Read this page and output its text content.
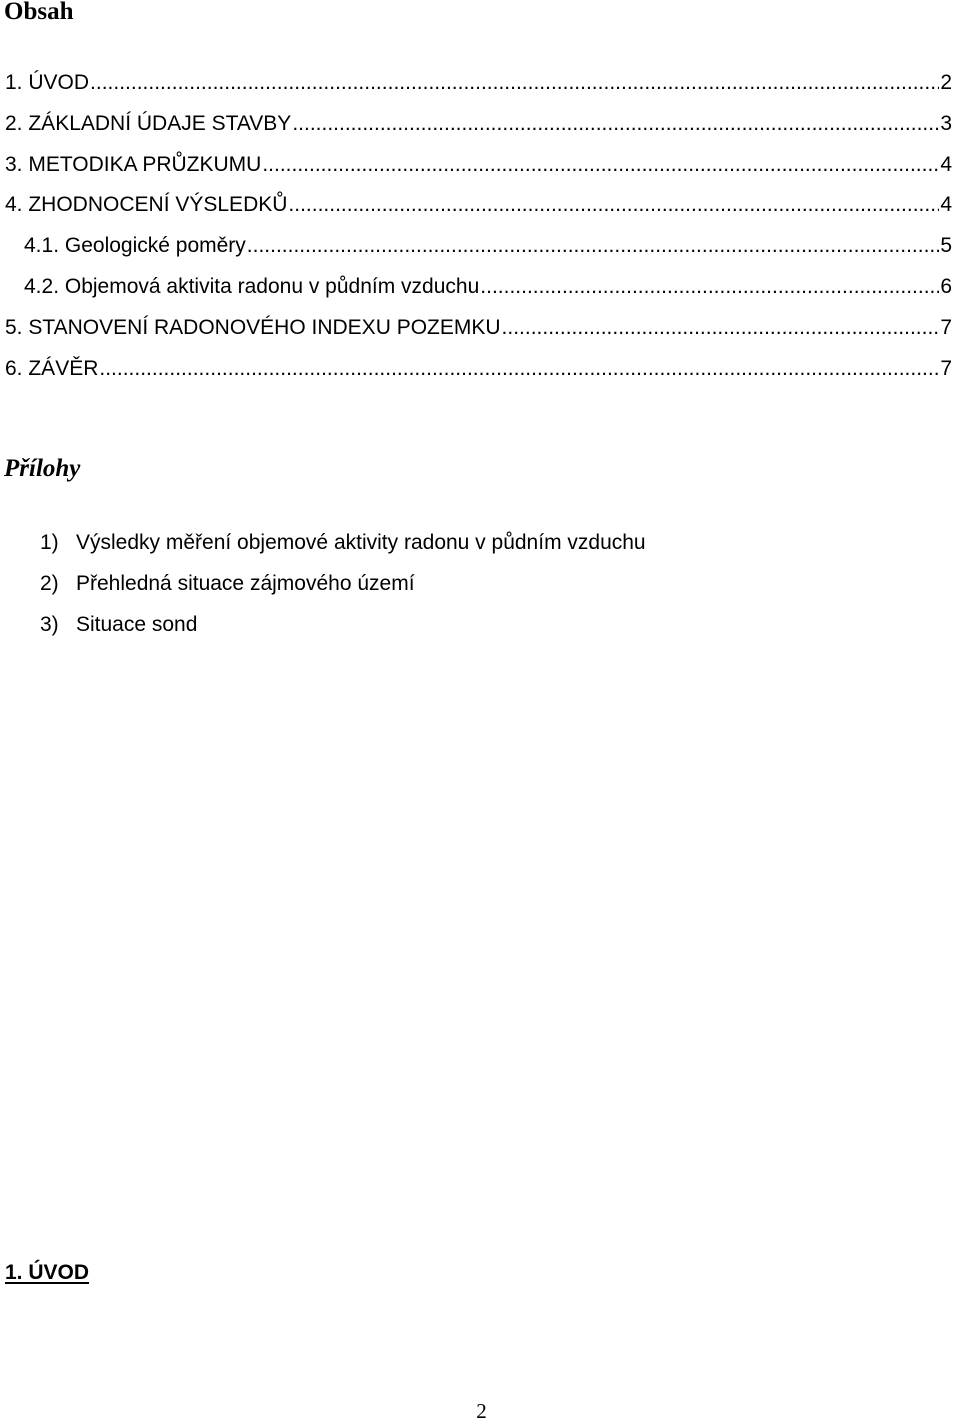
Obsah
1. ÚVOD .....	2
2. ZÁKLADNÍ ÚDAJE STAVBY .....	3
3. METODIKA PRŮZKUMU .....	4
4. ZHODNOCENÍ VÝSLEDKŮ .....	4
4.1. Geologické poměry .....	5
4.2. Objemová aktivita radonu v půdním vzduchu .....	6
5. STANOVENÍ RADONOVÉHO INDEXU POZEMKU .....	7
6. ZÁVĚR .....	7
Přílohy
1) Výsledky měření objemové aktivity radonu v půdním vzduchu
2) Přehledná situace zájmového území
3) Situace sond
1. ÚVOD
2
